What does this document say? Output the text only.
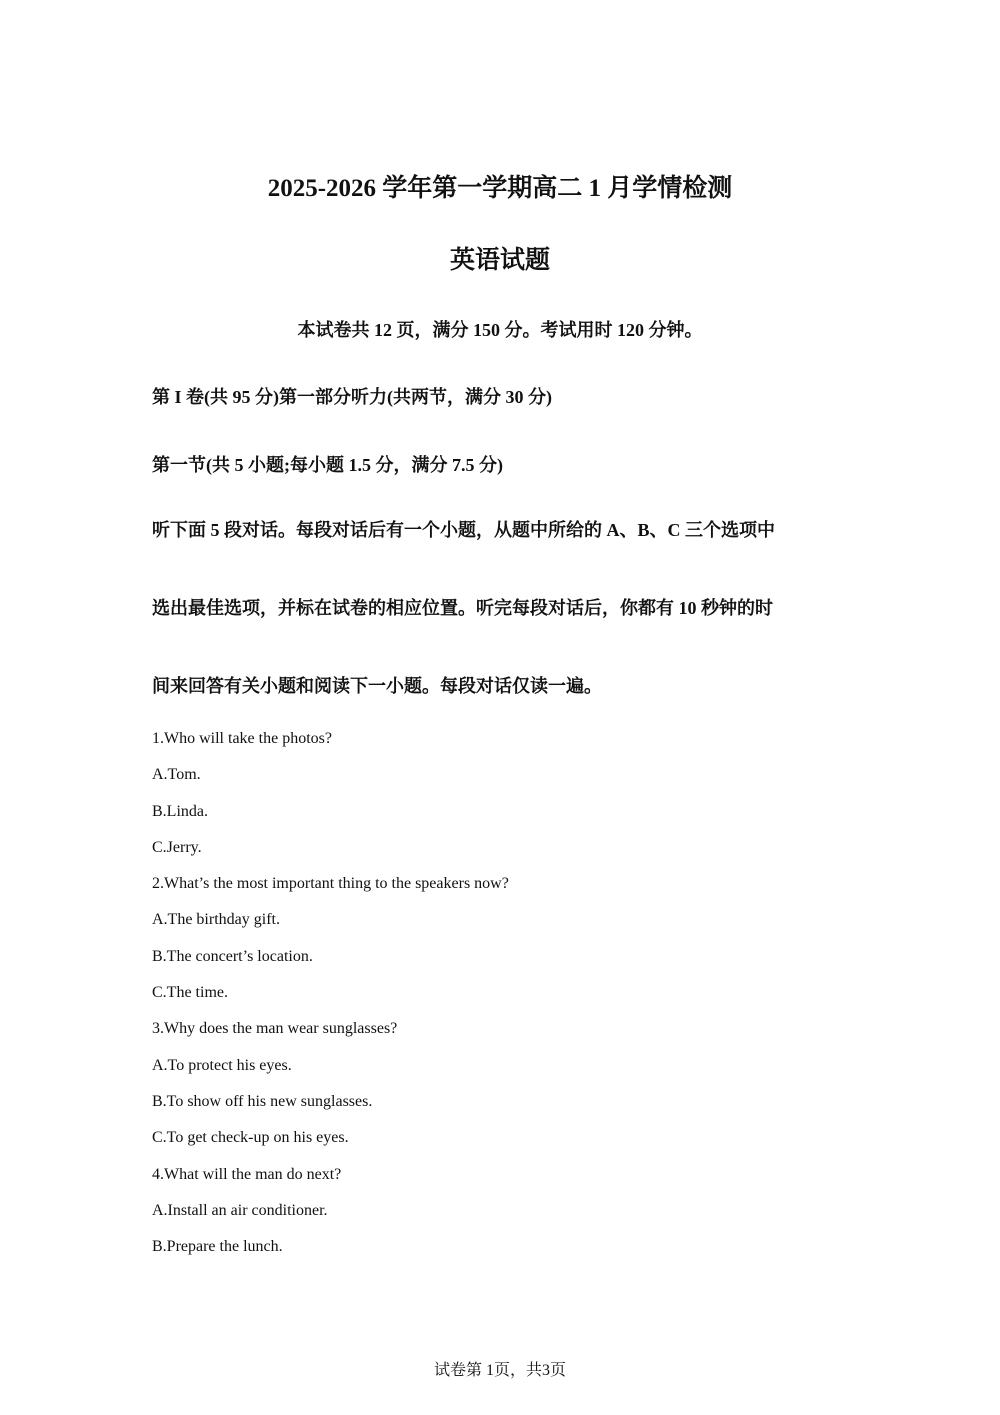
2025-2026 学年第一学期高二 1 月学情检测
英语试题

本试卷共 12 页，满分 150 分。考试用时 120 分钟。

第 I 卷(共 95 分)第一部分听力(共两节，满分 30 分)

第一节(共 5 小题;每小题 1.5 分，满分 7.5 分)

听下面 5 段对话。每段对话后有一个小题，从题中所给的 A、B、C 三个选项中
选出最佳选项，并标在试卷的相应位置。听完每段对话后，你都有 10 秒钟的时
间来回答有关小题和阅读下一小题。每段对话仅读一遍。
1.Who will take the photos?
A.Tom.
B.Linda.
C.Jerry.
2.What’s the most important thing to the speakers now?
A.The birthday gift.
B.The concert’s location.
C.The time.
3.Why does the man wear sunglasses?
A.To protect his eyes.
B.To show off his new sunglasses.
C.To get check-up on his eyes.
4.What will the man do next?
A.Install an air conditioner.
B.Prepare the lunch.

试卷第 1页，共3页
